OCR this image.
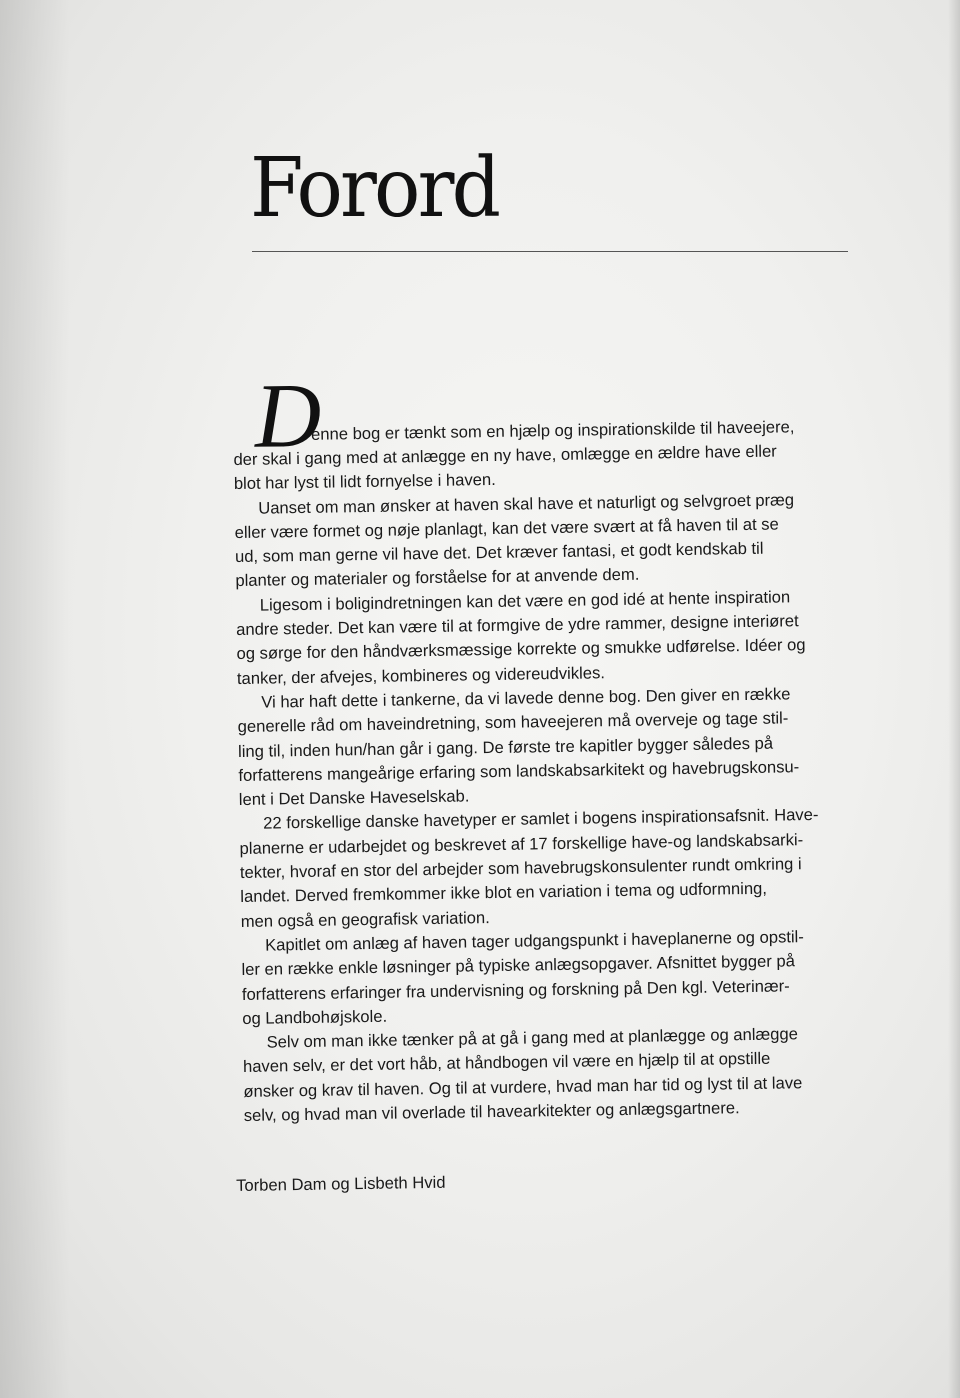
Forord
D
enne bog er tænkt som en hjælp og inspirationskilde til haveejere,
der skal i gang med at anlægge en ny have, omlægge en ældre have eller
blot har lyst til lidt fornyelse i haven.
Uanset om man ønsker at haven skal have et naturligt og selvgroet præg
eller være formet og nøje planlagt, kan det være svært at få haven til at se
ud, som man gerne vil have det. Det kræver fantasi, et godt kendskab til
planter og materialer og forståelse for at anvende dem.
Ligesom i boligindretningen kan det være en god idé at hente inspiration
andre steder. Det kan være til at formgive de ydre rammer, designe interiøret
og sørge for den håndværksmæssige korrekte og smukke udførelse. Idéer og
tanker, der afvejes, kombineres og videreudvikles.
Vi har haft dette i tankerne, da vi lavede denne bog. Den giver en række
generelle råd om haveindretning, som haveejeren må overveje og tage stil-
ling til, inden hun/han går i gang. De første tre kapitler bygger således på
forfatterens mangeårige erfaring som landskabsarkitekt og havebrugskonsu-
lent i Det Danske Haveselskab.
22 forskellige danske havetyper er samlet i bogens inspirationsafsnit. Have-
planerne er udarbejdet og beskrevet af 17 forskellige have-og landskabsarki-
tekter, hvoraf en stor del arbejder som havebrugskonsulenter rundt omkring i
landet. Derved fremkommer ikke blot en variation i tema og udformning,
men også en geografisk variation.
Kapitlet om anlæg af haven tager udgangspunkt i haveplanerne og opstil-
ler en række enkle løsninger på typiske anlægsopgaver. Afsnittet bygger på
forfatterens erfaringer fra undervisning og forskning på Den kgl. Veterinær-
og Landbohøjskole.
Selv om man ikke tænker på at gå i gang med at planlægge og anlægge
haven selv, er det vort håb, at håndbogen vil være en hjælp til at opstille
ønsker og krav til haven. Og til at vurdere, hvad man har tid og lyst til at lave
selv, og hvad man vil overlade til havearkitekter og anlægsgartnere.
Torben Dam og Lisbeth Hvid
